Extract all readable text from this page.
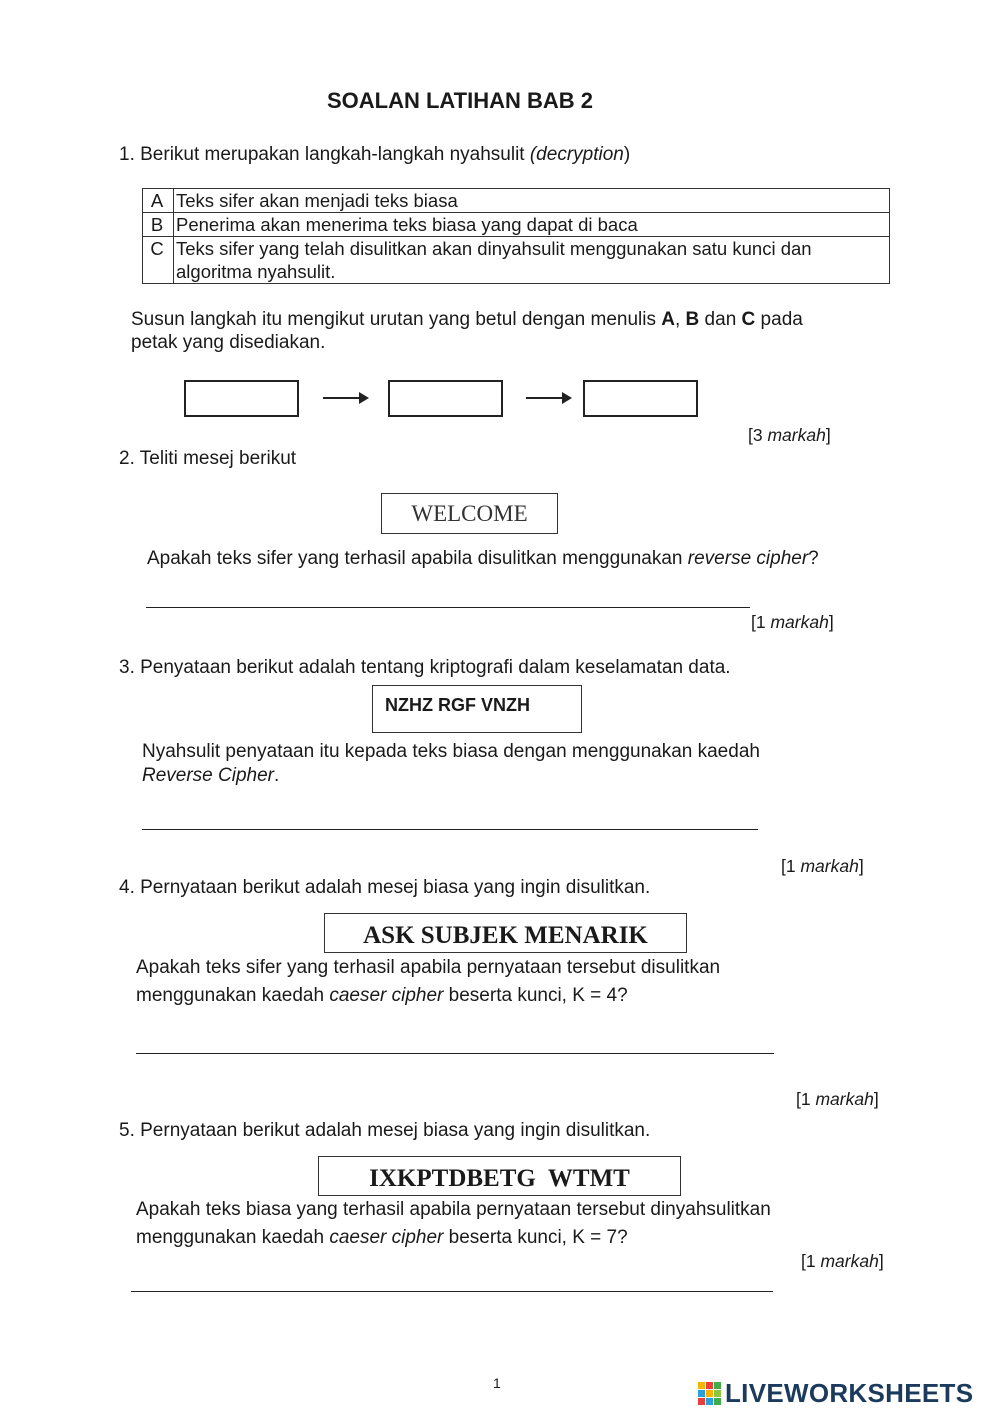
SOALAN LATIHAN BAB 2
1. Berikut merupakan langkah-langkah nyahsulit (decryption)
A	Teks sifer akan menjadi teks biasa
B	Penerima akan menerima teks biasa yang dapat di baca
C	Teks sifer yang telah disulitkan akan dinyahsulit menggunakan satu kunci dan algoritma nyahsulit.
Susun langkah itu mengikut urutan yang betul dengan menulis A, B dan C pada
petak yang disediakan.
[3 markah]
2. Teliti mesej berikut
WELCOME
Apakah teks sifer yang terhasil apabila disulitkan menggunakan reverse cipher?
[1 markah]
3. Penyataan berikut adalah tentang kriptografi dalam keselamatan data.
NZHZ RGF VNZH
Nyahsulit penyataan itu kepada teks biasa dengan menggunakan kaedah
Reverse Cipher.
[1 markah]
4. Pernyataan berikut adalah mesej biasa yang ingin disulitkan.
ASK SUBJEK MENARIK
Apakah teks sifer yang terhasil apabila pernyataan tersebut disulitkan
menggunakan kaedah caeser cipher beserta kunci, K = 4?
[1 markah]
5. Pernyataan berikut adalah mesej biasa yang ingin disulitkan.
IXKPTDBETG  WTMT
Apakah teks biasa yang terhasil apabila pernyataan tersebut dinyahsulitkan
menggunakan kaedah caeser cipher beserta kunci, K = 7?
[1 markah]
1	LIVEWORKSHEETS
